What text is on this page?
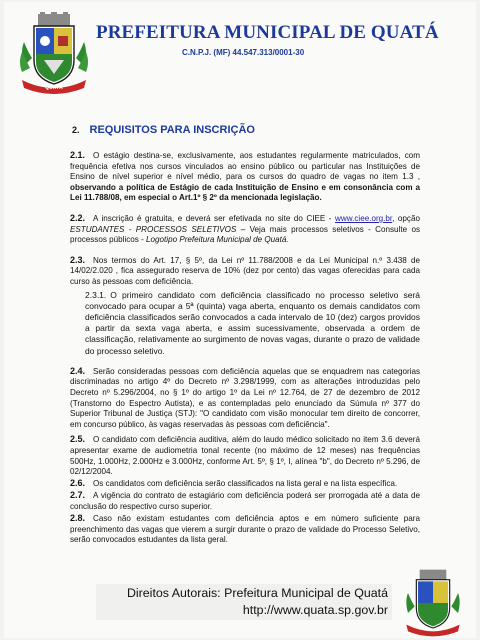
QUATÁ
PREFEITURA MUNICIPAL DE QUATÁ
C.N.P.J. (MF) 44.547.313/0001-30
2. REQUISITOS PARA INSCRIÇÃO

2.1. O estágio destina-se, exclusivamente, aos estudantes regularmente matriculados, com frequência efetiva nos cursos vinculados ao ensino público ou particular nas Instituições de Ensino de nível superior e nível médio, para os cursos do quadro de vagas no item 1.3 , observando a política de Estágio de cada Instituição de Ensino e em consonância com a Lei 11.788/08, em especial o Art.1º § 2º da mencionada legislação.

2.2. A inscrição é gratuita, e deverá ser efetivada no site do CIEE - www.ciee.org.br, opção ESTUDANTES - PROCESSOS SELETIVOS – Veja mais processos seletivos - Consulte os processos públicos - Logotipo Prefeitura Municipal de Quatá.

2.3. Nos termos do Art. 17, § 5º, da Lei nº 11.788/2008 e da Lei Municipal n.º 3.438 de 14/02/2.020 , fica assegurado reserva de 10% (dez por cento) das vagas oferecidas para cada curso às pessoas com deficiência.

2.3.1. O primeiro candidato com deficiência classificado no processo seletivo será convocado para ocupar a 5ª (quinta) vaga aberta, enquanto os demais candidatos com deficiência classificados serão convocados a cada intervalo de 10 (dez) cargos providos a partir da sexta vaga aberta, e assim sucessivamente, observada a ordem de classificação, relativamente ao surgimento de novas vagas, durante o prazo de validade do processo seletivo.

2.4. Serão consideradas pessoas com deficiência aquelas que se enquadrem nas categorias discriminadas no artigo 4º do Decreto nº 3.298/1999, com as alterações introduzidas pelo Decreto nº 5.296/2004, no § 1º do artigo 1º da Lei nº 12.764, de 27 de dezembro de 2012 (Transtorno do Espectro Autista), e as contempladas pelo enunciado da Súmula nº 377 do Superior Tribunal de Justiça (STJ): "O candidato com visão monocular tem direito de concorrer, em concurso público, às vagas reservadas às pessoas com deficiência".

2.5. O candidato com deficiência auditiva, além do laudo médico solicitado no item 3.6 deverá apresentar exame de audiometria tonal recente (no máximo de 12 meses) nas frequências 500Hz, 1.000Hz, 2.000Hz e 3.000Hz, conforme Art. 5º, § 1º, I, alínea "b", do Decreto nº 5.296, de 02/12/2004.

2.6. Os candidatos com deficiência serão classificados na lista geral e na lista específica.

2.7. A vigência do contrato de estagiário com deficiência poderá ser prorrogada até a data de conclusão do respectivo curso superior.

2.8. Caso não existam estudantes com deficiência aptos e em número suficiente para preenchimento das vagas que vierem a surgir durante o prazo de validade do Processo Seletivo, serão convocados estudantes da lista geral.

Direitos Autorais: Prefeitura Municipal de Quatá
http://www.quata.sp.gov.br
